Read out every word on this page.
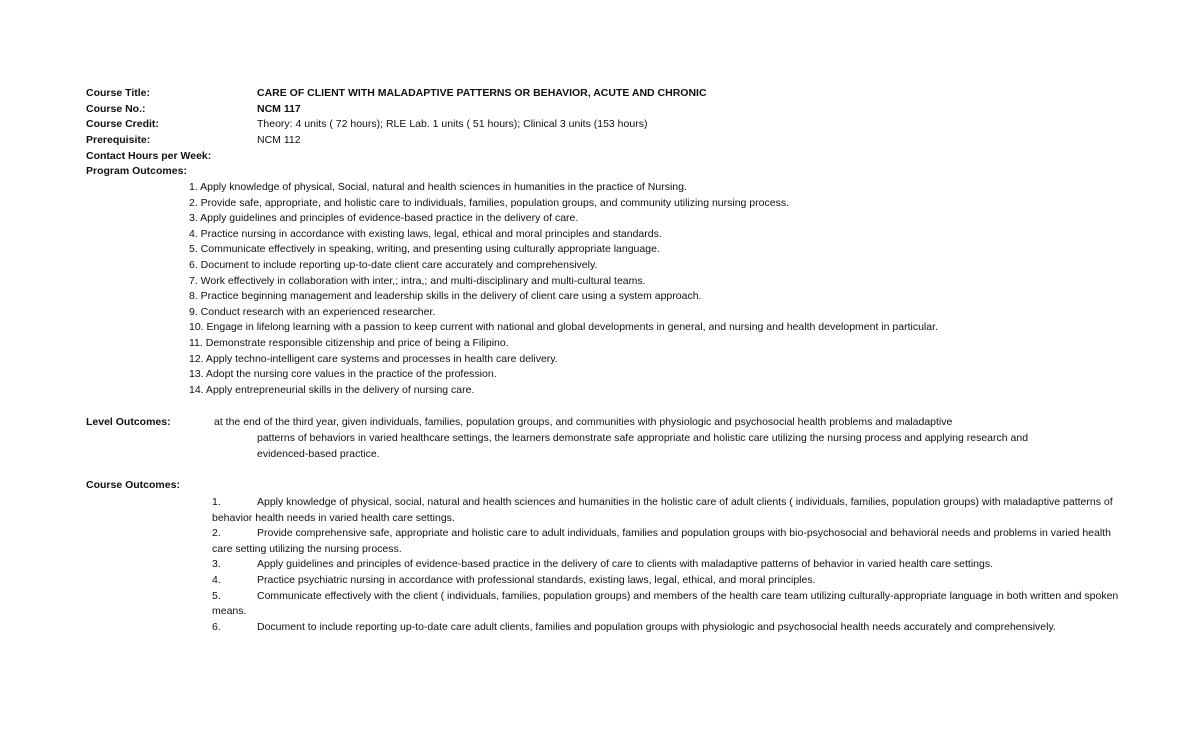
Course Title:	CARE OF CLIENT WITH MALADAPTIVE PATTERNS OR BEHAVIOR, ACUTE AND CHRONIC
Course No.:	NCM 117
Course Credit:	Theory: 4 units ( 72 hours); RLE Lab. 1 units ( 51 hours); Clinical 3 units (153 hours)
Prerequisite:	NCM 112
Contact Hours per Week:
Program Outcomes:
1. Apply knowledge of physical, Social, natural and health sciences in humanities in the practice of Nursing.
2. Provide safe, appropriate, and holistic care to individuals, families, population groups, and community utilizing nursing process.
3. Apply guidelines and principles of evidence-based practice in the delivery of care.
4. Practice nursing in accordance with existing laws, legal, ethical and moral principles and standards.
5. Communicate effectively in speaking, writing, and presenting using culturally appropriate language.
6. Document to include reporting up-to-date client care accurately and comprehensively.
7. Work effectively in collaboration with inter,; intra,; and multi-disciplinary and multi-cultural teams.
8. Practice beginning management and leadership skills in the delivery of client care using a system approach.
9. Conduct research with an experienced researcher.
10. Engage in lifelong learning with a passion to keep current with national and global developments in general, and nursing and health development in particular.
11. Demonstrate responsible citizenship and price of being a Filipino.
12. Apply techno-intelligent care systems and processes in health care delivery.
13. Adopt the nursing core values in the practice of the profession.
14. Apply entrepreneurial skills in the delivery of nursing care.
Level Outcomes:	at the end of the third year, given individuals, families, population groups, and communities with physiologic and psychosocial health problems and maladaptive
patterns of behaviors in varied healthcare settings, the learners demonstrate safe appropriate and holistic care utilizing the nursing process and applying research and
evidenced-based practice.
Course Outcomes:
1.	Apply knowledge of physical, social, natural and health sciences and humanities in the holistic care of adult clients ( individuals, families, population groups) with maladaptive patterns of behavior health needs in varied health care settings.
2.	Provide comprehensive safe, appropriate and holistic care to adult individuals, families and population groups with bio-psychosocial and behavioral needs and problems in varied health care setting utilizing the nursing process.
3.	Apply guidelines and principles of evidence-based practice in the delivery of care to clients with maladaptive patterns of behavior in varied health care settings.
4.	Practice psychiatric nursing in accordance with professional standards, existing laws, legal, ethical, and moral principles.
5.	Communicate effectively with the client ( individuals, families, population groups) and members of the health care team utilizing culturally-appropriate language in both written and spoken means.
6.	Document to include reporting up-to-date care adult clients, families and population groups with physiologic and psychosocial health needs accurately and comprehensively.
